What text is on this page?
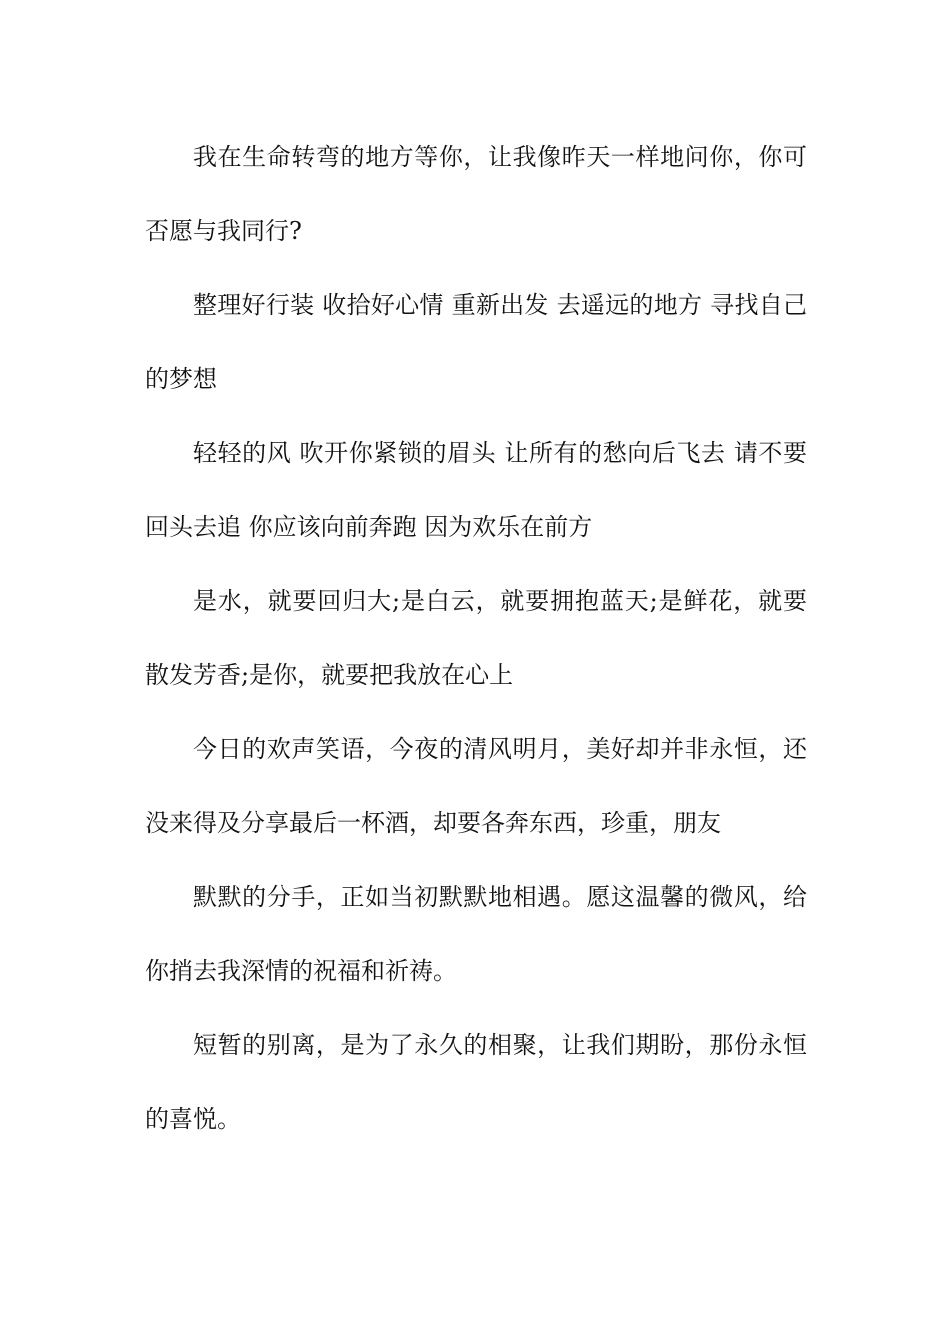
我在生命转弯的地方等你，让我像昨天一样地问你，你可否愿与我同行?

整理好行装 收拾好心情 重新出发 去遥远的地方 寻找自己的梦想

轻轻的风 吹开你紧锁的眉头 让所有的愁向后飞去 请不要回头去追 你应该向前奔跑 因为欢乐在前方

是水，就要回归大;是白云，就要拥抱蓝天;是鲜花，就要散发芳香;是你，就要把我放在心上

今日的欢声笑语，今夜的清风明月，美好却并非永恒，还没来得及分享最后一杯酒，却要各奔东西，珍重，朋友

默默的分手，正如当初默默地相遇。愿这温馨的微风，给你捎去我深情的祝福和祈祷。

短暂的别离，是为了永久的相聚，让我们期盼，那份永恒的喜悦。
